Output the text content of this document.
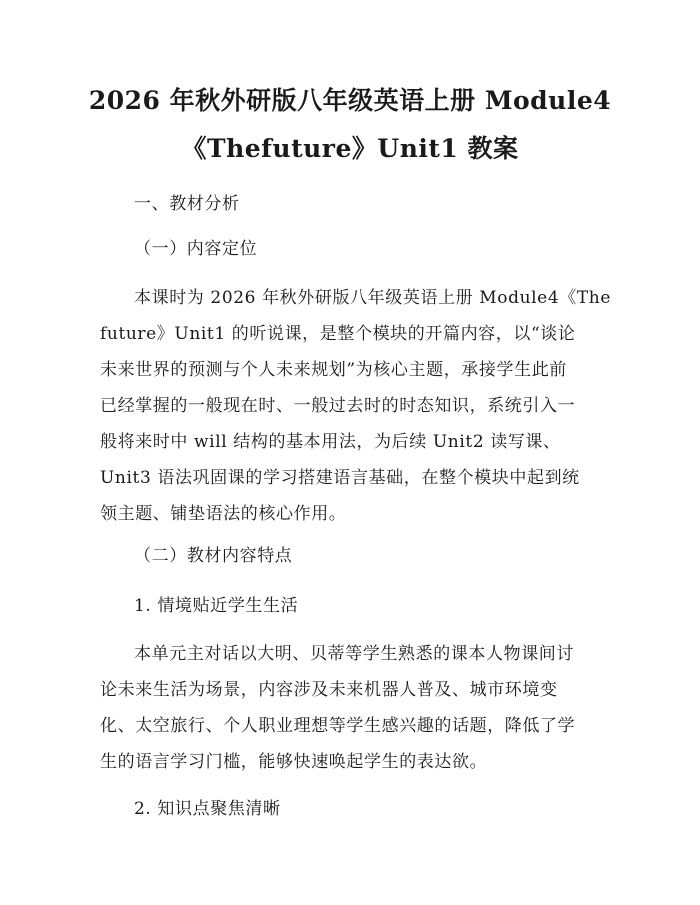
2026 年秋外研版八年级英语上册 Module4
《Thefuture》Unit1 教案

一、教材分析

（一）内容定位

本课时为 2026 年秋外研版八年级英语上册 Module4《The

future》Unit1 的听说课，是整个模块的开篇内容，以“谈论

未来世界的预测与个人未来规划”为核心主题，承接学生此前

已经掌握的一般现在时、一般过去时的时态知识，系统引入一

般将来时中 will 结构的基本用法，为后续 Unit2 读写课、

Unit3 语法巩固课的学习搭建语言基础，在整个模块中起到统

领主题、铺垫语法的核心作用。

（二）教材内容特点

1. 情境贴近学生生活

本单元主对话以大明、贝蒂等学生熟悉的课本人物课间讨

论未来生活为场景，内容涉及未来机器人普及、城市环境变

化、太空旅行、个人职业理想等学生感兴趣的话题，降低了学

生的语言学习门槛，能够快速唤起学生的表达欲。

2. 知识点聚焦清晰
